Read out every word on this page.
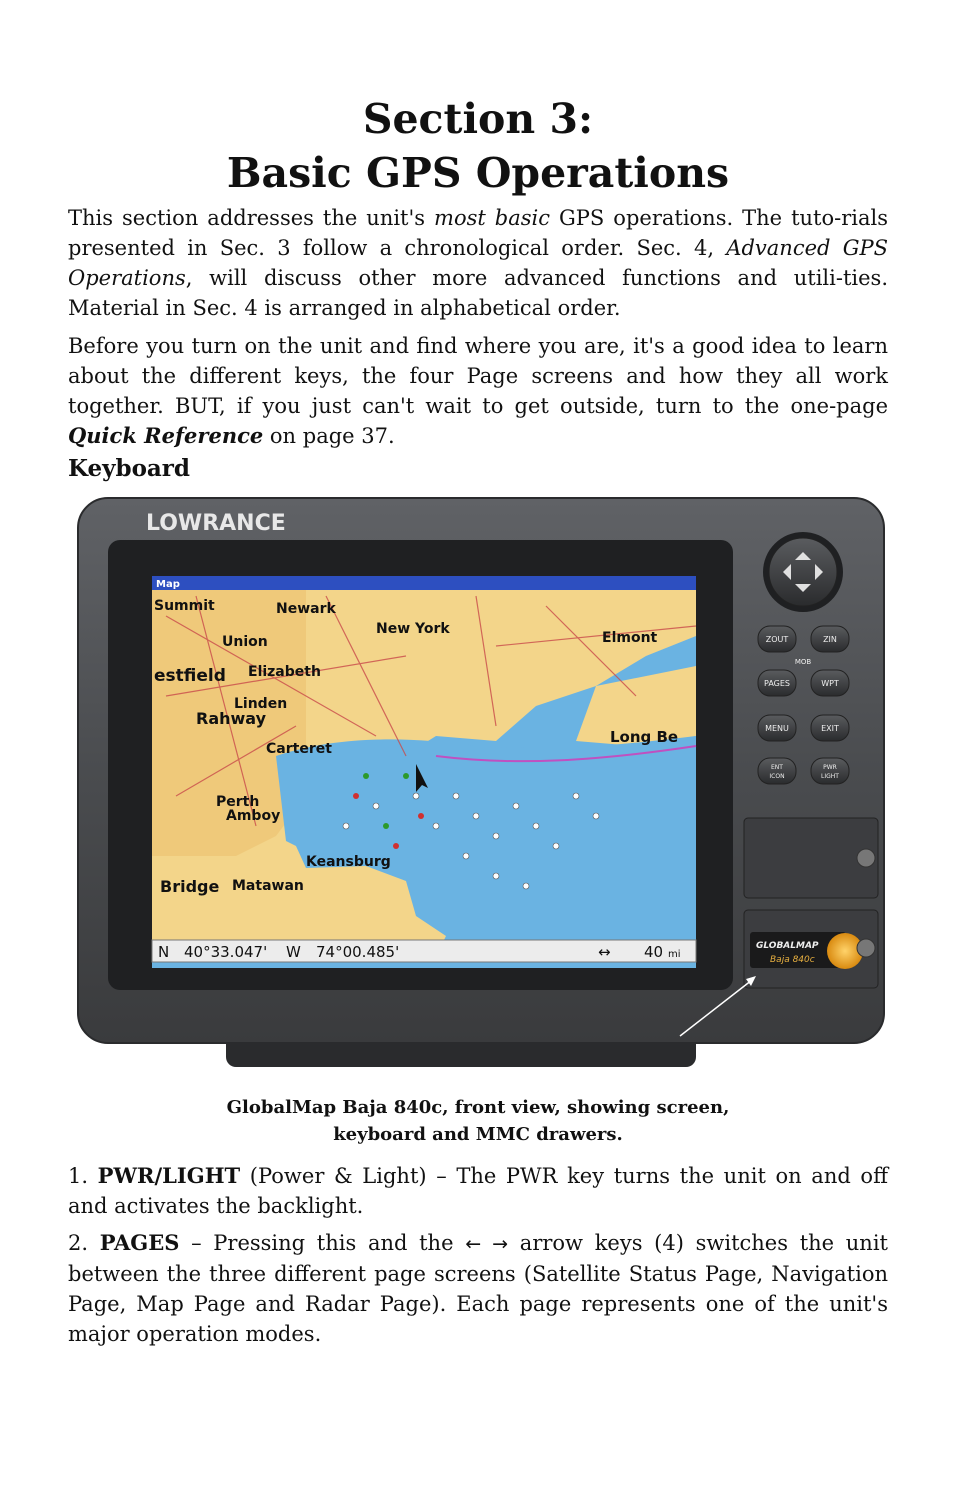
Section 3:
Basic GPS Operations

This section addresses the unit's most basic GPS operations. The tuto-rials presented in Sec. 3 follow a chronological order. Sec. 4, Advanced GPS Operations, will discuss other more advanced functions and utili-ties. Material in Sec. 4 is arranged in alphabetical order.

Before you turn on the unit and find where you are, it's a good idea to learn about the different keys, the four Page screens and how they all work together. BUT, if you just can't wait to get outside, turn to the one-page Quick Reference on page 37.

Keyboard
LOWRANCE
Newark
New York
Elizabeth
estfield
Rahway
Carteret
Perth
Amboy
Keansburg
Bridge Matawan
Elmont
Long Be
Summit
Union
Linden
Map
N 40°33.047' W 74°00.485'	↔ 40 mi
ZOUT	ZIN
MOB
PAGES	WPT
MENU	EXIT
ENT
ICON
PWR
LIGHT
GLOBALMAP
Baja 840c
GlobalMap Baja 840c, front view, showing screen,
keyboard and MMC drawers.

1. PWR/LIGHT (Power & Light) – The PWR key turns the unit on and off and activates the backlight.

2. PAGES – Pressing this and the ← → arrow keys (4) switches the unit between the three different page screens (Satellite Status Page, Navigation Page, Map Page and Radar Page). Each page represents one of the unit's major operation modes.
